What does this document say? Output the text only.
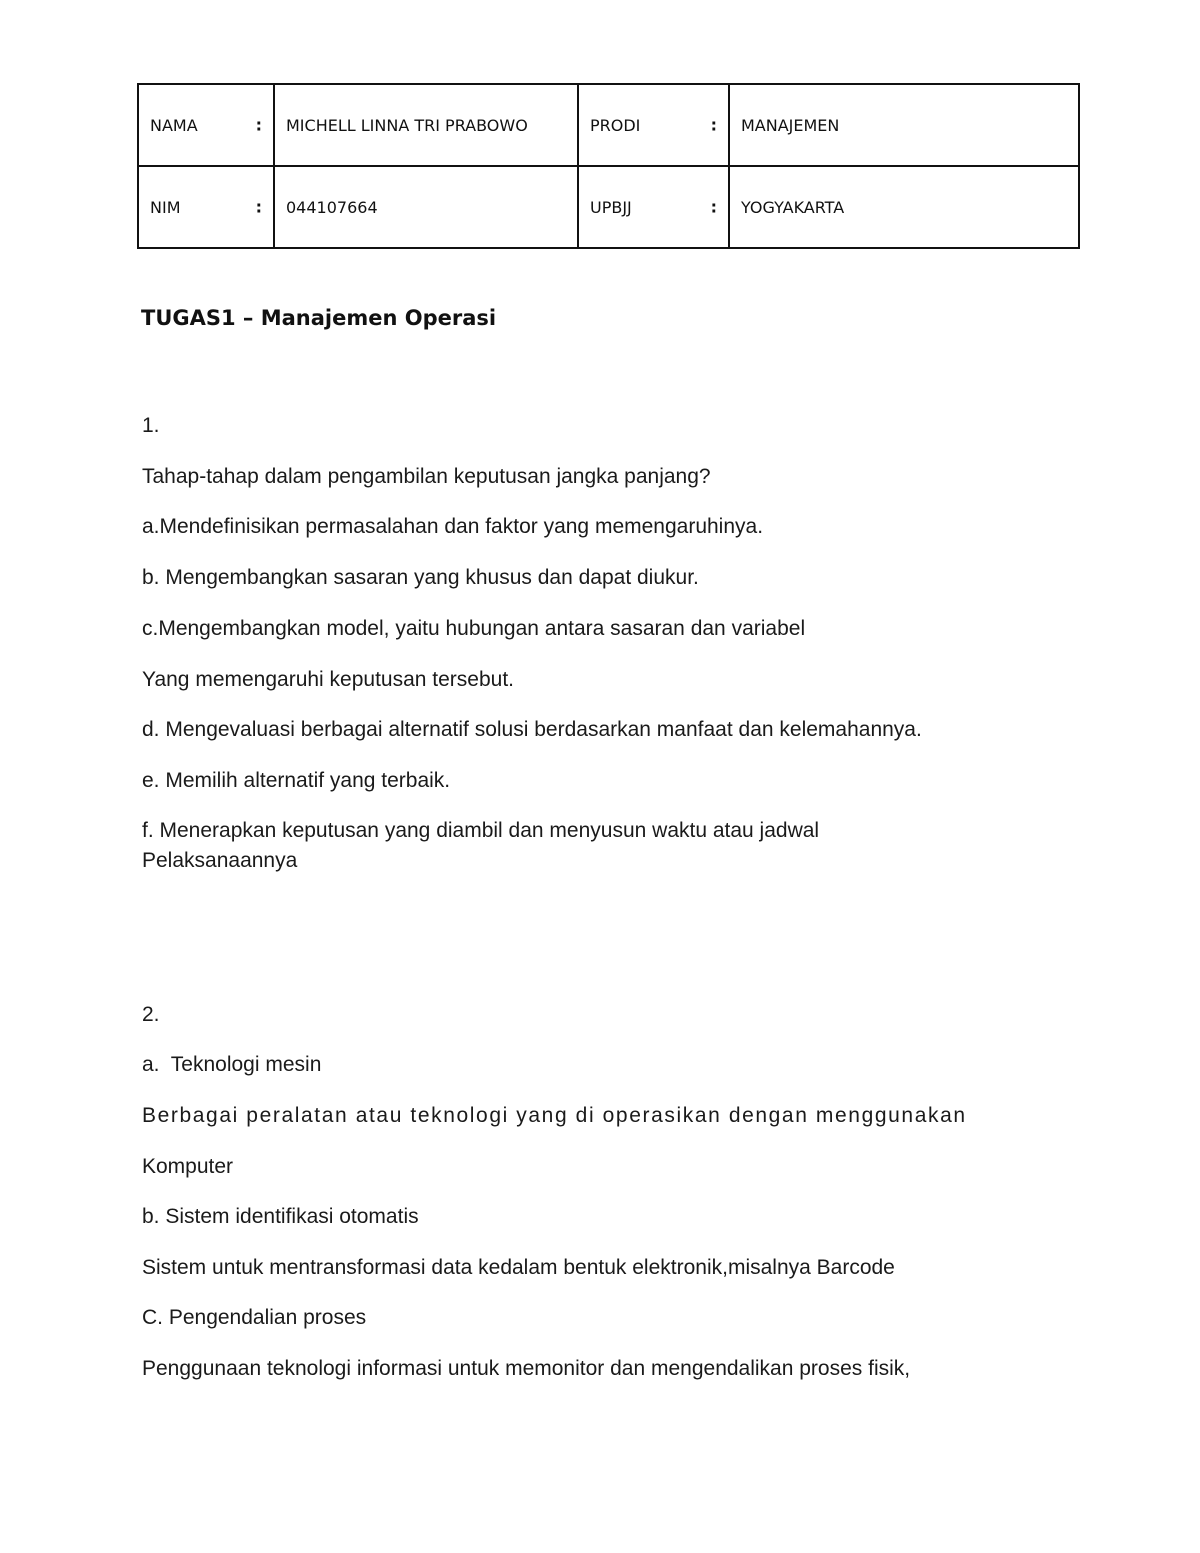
NAMA :	MICHELL LINNA TRI PRABOWO	PRODI :	MANAJEMEN
NIM :	044107664	UPBJJ :	YOGYAKARTA
TUGAS1 – Manajemen Operasi

1.

Tahap-tahap dalam pengambilan keputusan jangka panjang?

a.Mendefinisikan permasalahan dan faktor yang memengaruhinya.

b. Mengembangkan sasaran yang khusus dan dapat diukur.

c.Mengembangkan model, yaitu hubungan antara sasaran dan variabel

Yang memengaruhi keputusan tersebut.

d. Mengevaluasi berbagai alternatif solusi berdasarkan manfaat dan kelemahannya.

e. Memilih alternatif yang terbaik.

f. Menerapkan keputusan yang diambil dan menyusun waktu atau jadwal

Pelaksanaannya

2.

a.  Teknologi mesin

Berbagai peralatan atau teknologi yang di operasikan dengan menggunakan

Komputer

b. Sistem identifikasi otomatis

Sistem untuk mentransformasi data kedalam bentuk elektronik,misalnya Barcode

C. Pengendalian proses

Penggunaan teknologi informasi untuk memonitor dan mengendalikan proses fisik,
